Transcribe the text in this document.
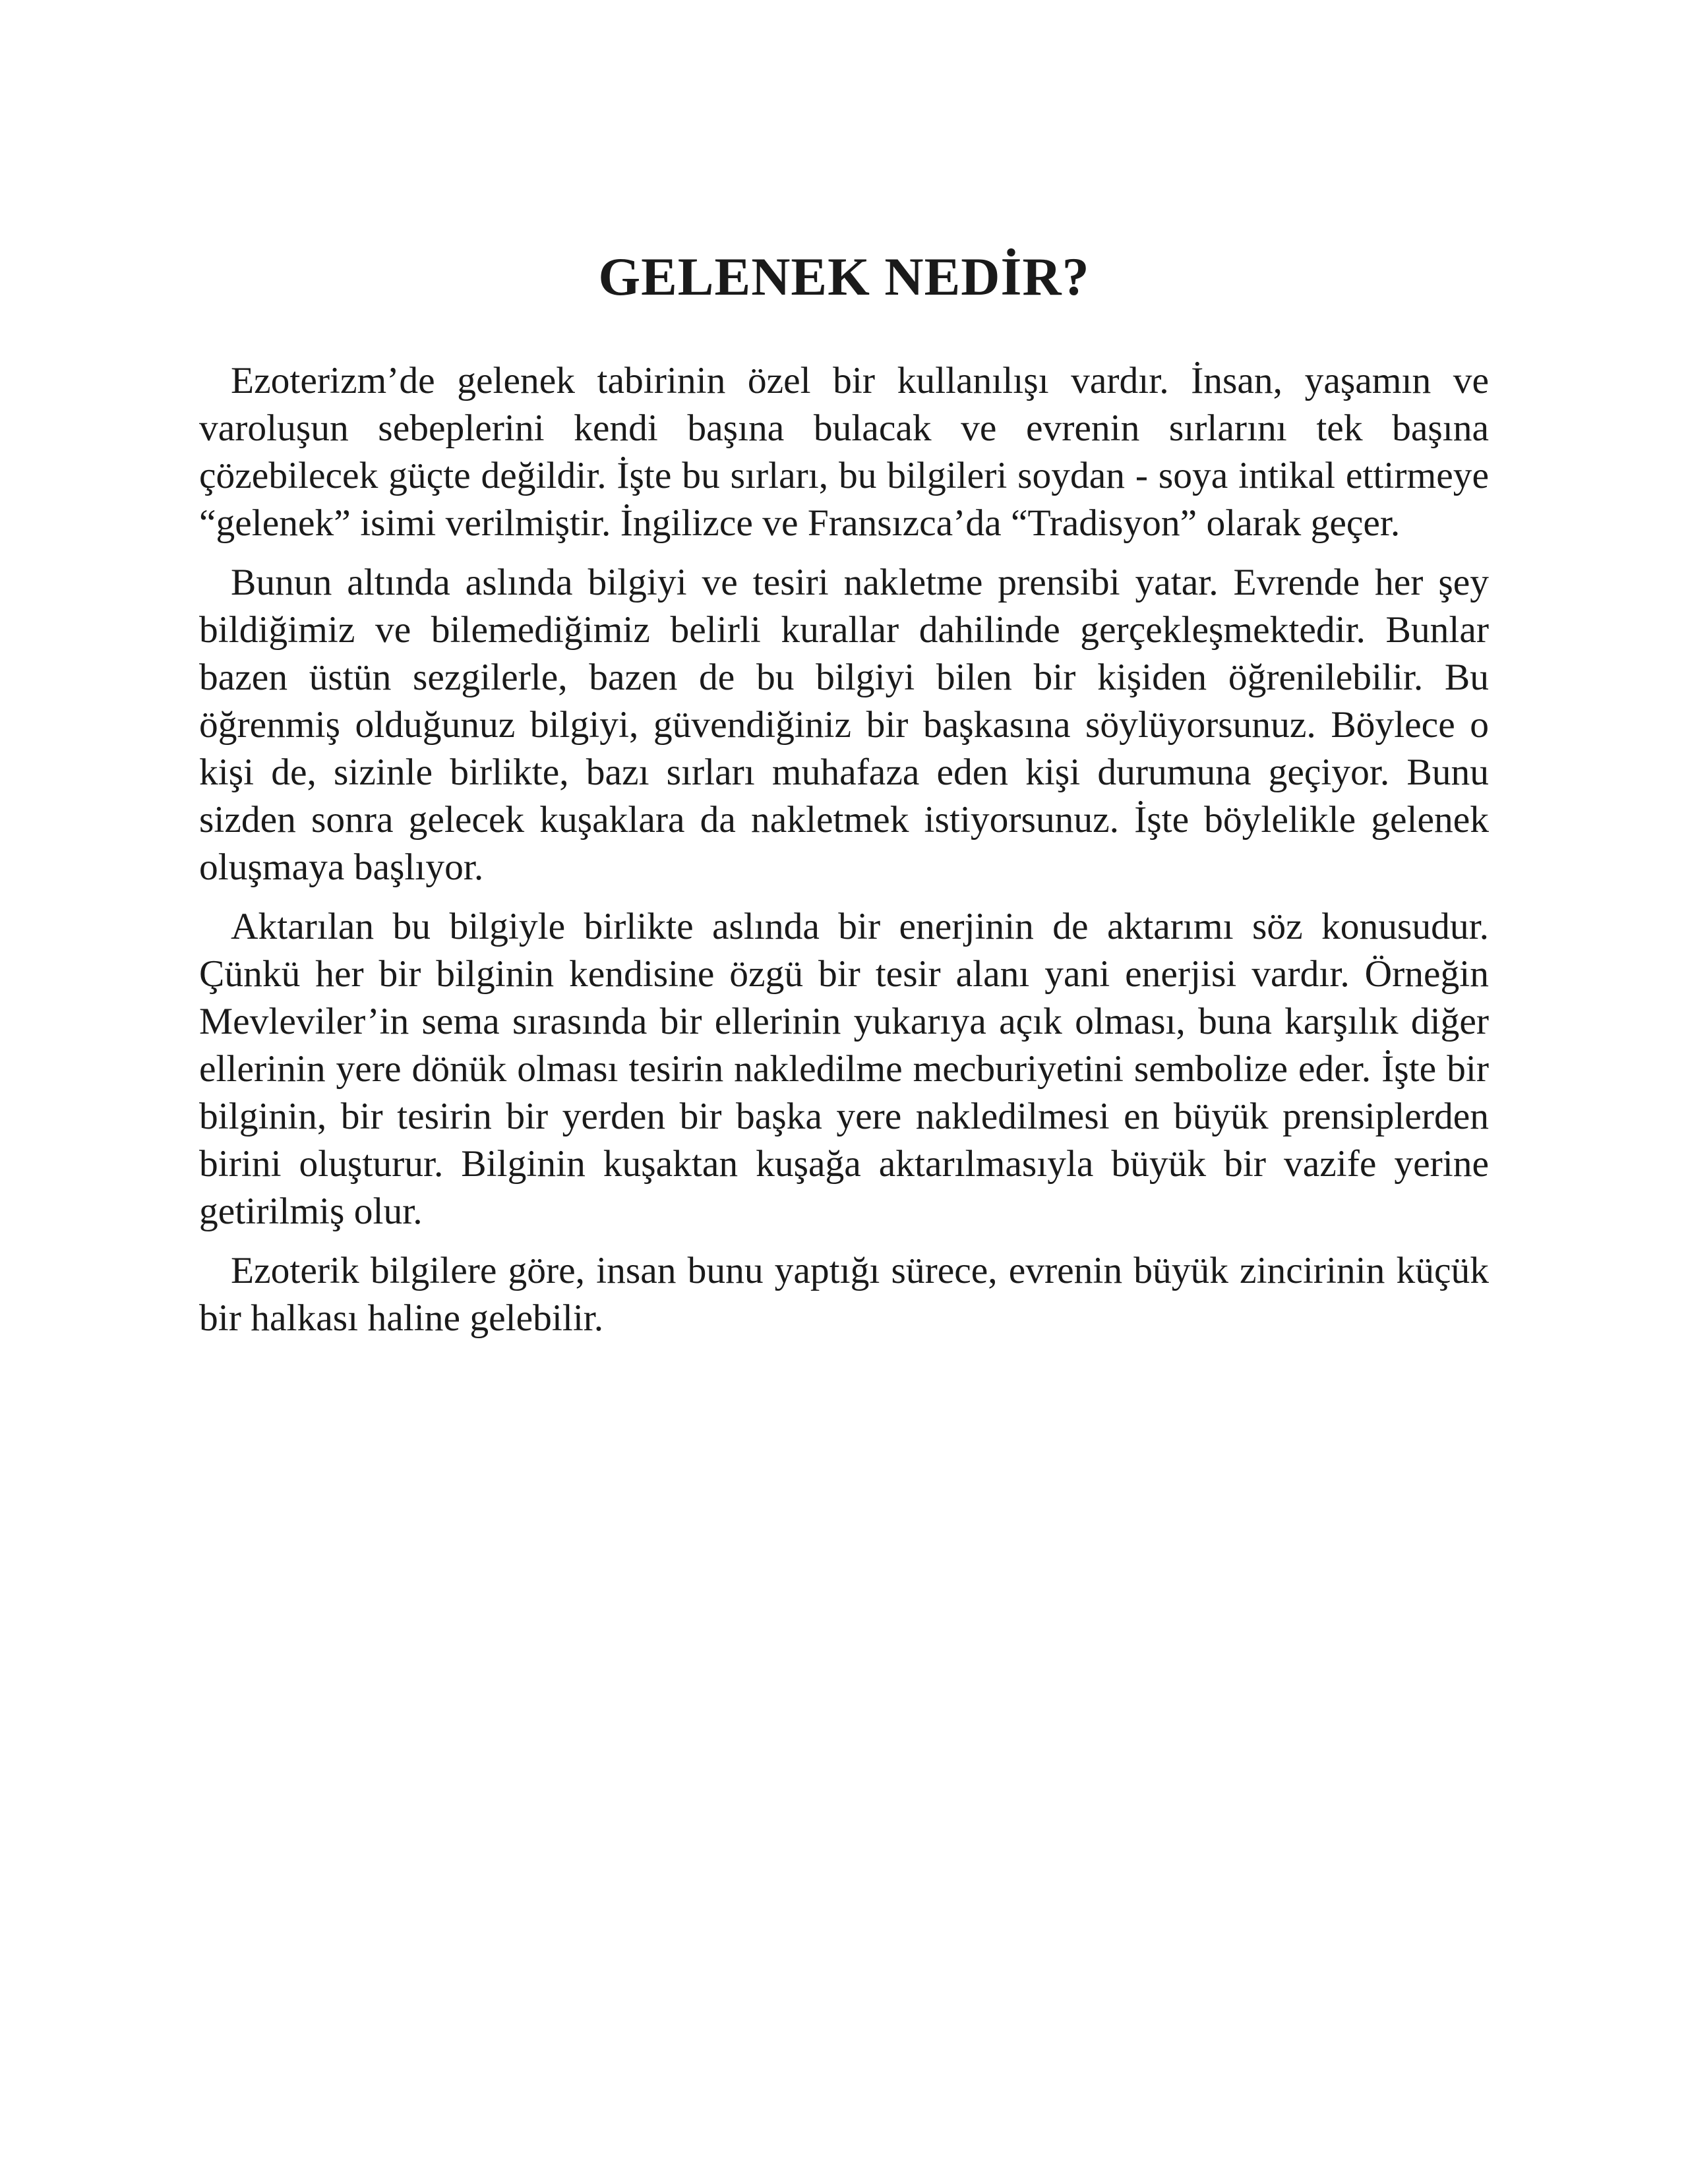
GELENEK NEDİR?

Ezoterizm’de gelenek tabirinin özel bir kullanılışı vardır. İnsan, yaşamın ve varoluşun sebeplerini kendi başına bulacak ve evrenin sırlarını tek başına çözebilecek güçte değildir. İşte bu sırları, bu bilgileri soydan - soya intikal ettirmeye “gelenek” isimi verilmiştir. İngilizce ve Fransızca’da “Tradisyon” olarak geçer.

Bunun altında aslında bilgiyi ve tesiri nakletme prensibi yatar. Evrende her şey bildiğimiz ve bilemediğimiz belirli kurallar dahilinde gerçekleşmektedir. Bunlar bazen üstün sezgilerle, bazen de bu bilgiyi bilen bir kişiden öğrenilebilir. Bu öğrenmiş olduğunuz bilgiyi, güvendiğiniz bir başkasına söylüyorsunuz. Böylece o kişi de, sizinle birlikte, bazı sırları muhafaza eden kişi durumuna geçiyor. Bunu sizden sonra gelecek kuşaklara da nakletmek istiyorsunuz. İşte böylelikle gelenek oluşmaya başlıyor.

Aktarılan bu bilgiyle birlikte aslında bir enerjinin de aktarımı söz konusudur. Çünkü her bir bilginin kendisine özgü bir tesir alanı yani enerjisi vardır. Örneğin Mevleviler’in sema sırasında bir ellerinin yukarıya açık olması, buna karşılık diğer ellerinin yere dönük olması tesirin nakledilme mecburiyetini sembolize eder. İşte bir bilginin, bir tesirin bir yerden bir başka yere nakledilmesi en büyük prensiplerden birini oluşturur. Bilginin kuşaktan kuşağa aktarılmasıyla büyük bir vazife yerine getirilmiş olur.

Ezoterik bilgilere göre, insan bunu yaptığı sürece, evrenin büyük zincirinin küçük bir halkası haline gelebilir.
